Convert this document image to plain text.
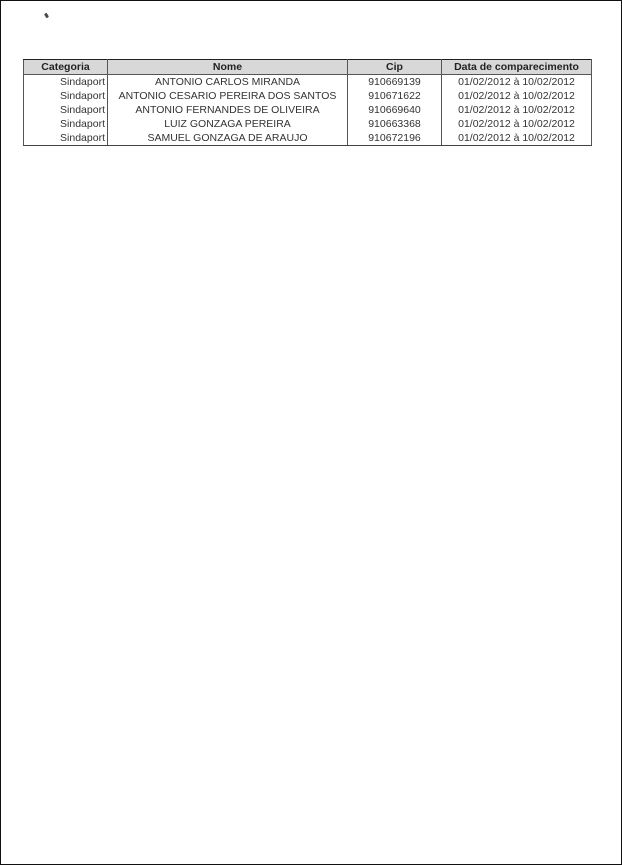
Categoria	Nome	Cip	Data de comparecimento
Sindaport	ANTONIO CARLOS MIRANDA	910669139	01/02/2012 à 10/02/2012
Sindaport	ANTONIO CESARIO PEREIRA DOS SANTOS	910671622	01/02/2012 à 10/02/2012
Sindaport	ANTONIO FERNANDES DE OLIVEIRA	910669640	01/02/2012 à 10/02/2012
Sindaport	LUIZ GONZAGA PEREIRA	910663368	01/02/2012 à 10/02/2012
Sindaport	SAMUEL GONZAGA DE ARAUJO	910672196	01/02/2012 à 10/02/2012
